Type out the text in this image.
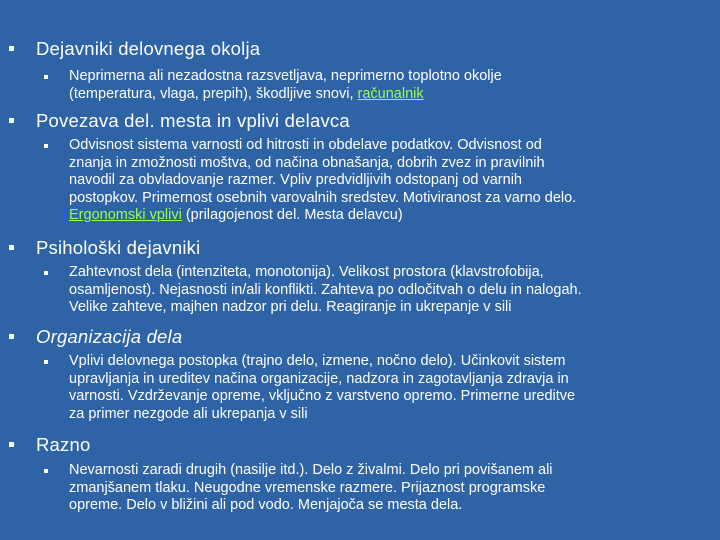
Dejavniki delovnega okolja
Neprimerna ali nezadostna razsvetljava, neprimerno toplotno okolje
(temperatura, vlaga, prepih), škodljive snovi, računalnik
Povezava del. mesta in vplivi delavca
Odvisnost sistema varnosti od hitrosti in obdelave podatkov. Odvisnost od
znanja in zmožnosti moštva, od načina obnašanja, dobrih zvez in pravilnih
navodil za obvladovanje razmer. Vpliv predvidljivih odstopanj od varnih
postopkov. Primernost osebnih varovalnih sredstev. Motiviranost za varno delo.
Ergonomski vplivi (prilagojenost del. Mesta delavcu)
Psihološki dejavniki
Zahtevnost dela (intenziteta, monotonija). Velikost prostora (klavstrofobija,
osamljenost). Nejasnosti in/ali konflikti. Zahteva po odločitvah o delu in nalogah.
Velike zahteve, majhen nadzor pri delu. Reagiranje in ukrepanje v sili
Organizacija dela
Vplivi delovnega postopka (trajno delo, izmene, nočno delo). Učinkovit sistem
upravljanja in ureditev načina organizacije, nadzora in zagotavljanja zdravja in
varnosti. Vzdrževanje opreme, vključno z varstveno opremo. Primerne ureditve
za primer nezgode ali ukrepanja v sili
Razno
Nevarnosti zaradi drugih (nasilje itd.). Delo z živalmi. Delo pri povišanem ali
zmanjšanem tlaku. Neugodne vremenske razmere. Prijaznost programske
opreme. Delo v bližini ali pod vodo. Menjajoča se mesta dela.
